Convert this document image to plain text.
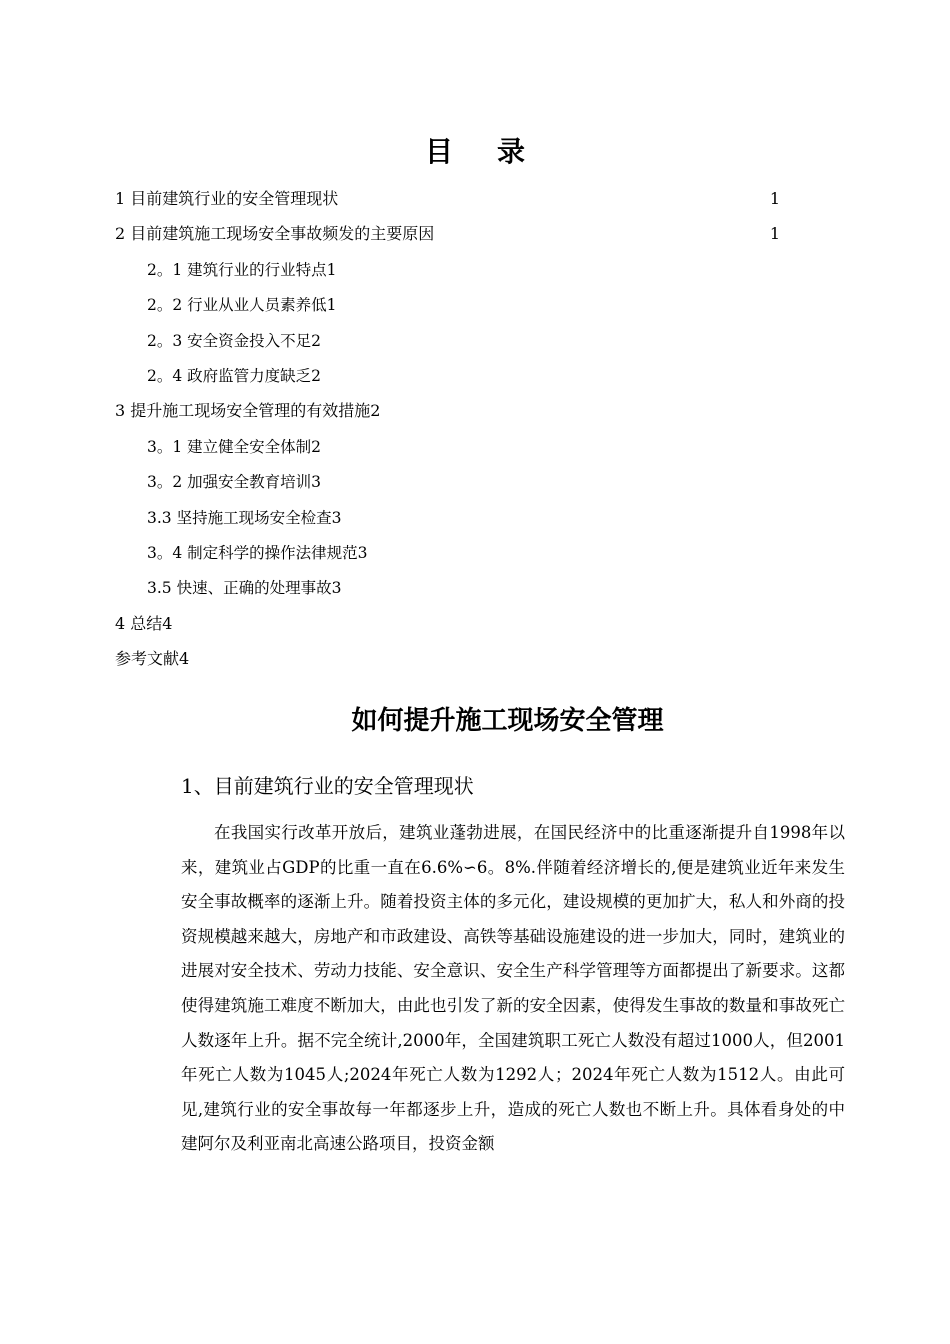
目 录
1 目前建筑行业的安全管理现状	1
2 目前建筑施工现场安全事故频发的主要原因	1
2。1 建筑行业的行业特点1
2。2 行业从业人员素养低1
2。3 安全资金投入不足2
2。4 政府监管力度缺乏2
3 提升施工现场安全管理的有效措施2
3。1 建立健全安全体制2
3。2 加强安全教育培训3
3.3 坚持施工现场安全检查3
3。4 制定科学的操作法律规范3
3.5 快速、正确的处理事故3
4 总结4
参考文献4
如何提升施工现场安全管理
1、目前建筑行业的安全管理现状

在我国实行改革开放后，建筑业蓬勃进展，在国民经济中的比重逐渐提升自1998年以来，建筑业占GDP的比重一直在6.6%∽6。8%.伴随着经济增长的,便是建筑业近年来发生安全事故概率的逐渐上升。随着投资主体的多元化，建设规模的更加扩大，私人和外商的投资规模越来越大，房地产和市政建设、高铁等基础设施建设的进一步加大，同时，建筑业的进展对安全技术、劳动力技能、安全意识、安全生产科学管理等方面都提出了新要求。这都使得建筑施工难度不断加大，由此也引发了新的安全因素，使得发生事故的数量和事故死亡人数逐年上升。据不完全统计,2000年，全国建筑职工死亡人数没有超过1000人，但2001年死亡人数为1045人;2024年死亡人数为1292人；2024年死亡人数为1512人。由此可见,建筑行业的安全事故每一年都逐步上升，造成的死亡人数也不断上升。具体看身处的中建阿尔及利亚南北高速公路项目，投资金额
